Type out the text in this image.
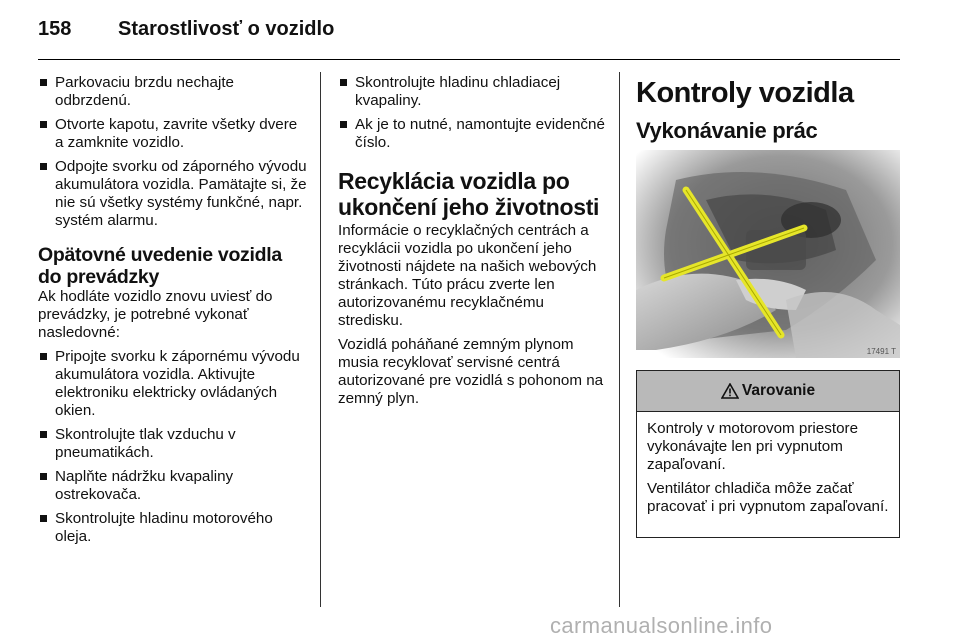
158 Starostlivosť o vozidlo
Parkovaciu brzdu nechajte odbrzdenú.
Otvorte kapotu, zavrite všetky dvere a zamknite vozidlo.
Odpojte svorku od záporného vývodu akumulátora vozidla. Pamätajte si, že nie sú všetky systémy funkčné, napr. systém alarmu.
Opätovné uvedenie vozidla do prevádzky

Ak hodláte vozidlo znovu uviesť do prevádzky, je potrebné vykonať nasledovné:

Pripojte svorku k zápornému vývodu akumulátora vozidla. Aktivujte elektroniku elektricky ovládaných okien.
Skontrolujte tlak vzduchu v pneumatikách.
Naplňte nádržku kvapaliny ostrekovača.
Skontrolujte hladinu motorového oleja.
Skontrolujte hladinu chladiacej kvapaliny.
Ak je to nutné, namontujte evidenčné číslo.
Recyklácia vozidla po ukončení jeho životnosti

Informácie o recyklačných centrách a recyklácii vozidla po ukončení jeho životnosti nájdete na našich webových stránkach. Túto prácu zverte len autorizovanému recyklačnému stredisku.

Vozidlá poháňané zemným plynom musia recyklovať servisné centrá autorizované pre vozidlá s pohonom na zemný plyn.

Kontroly vozidla
Vykonávanie prác
17491 T
Varovanie

Kontroly v motorovom priestore vykonávajte len pri vypnutom zapaľovaní.

Ventilátor chladiča môže začať pracovať i pri vypnutom zapaľovaní.

carmanualsonline.info
